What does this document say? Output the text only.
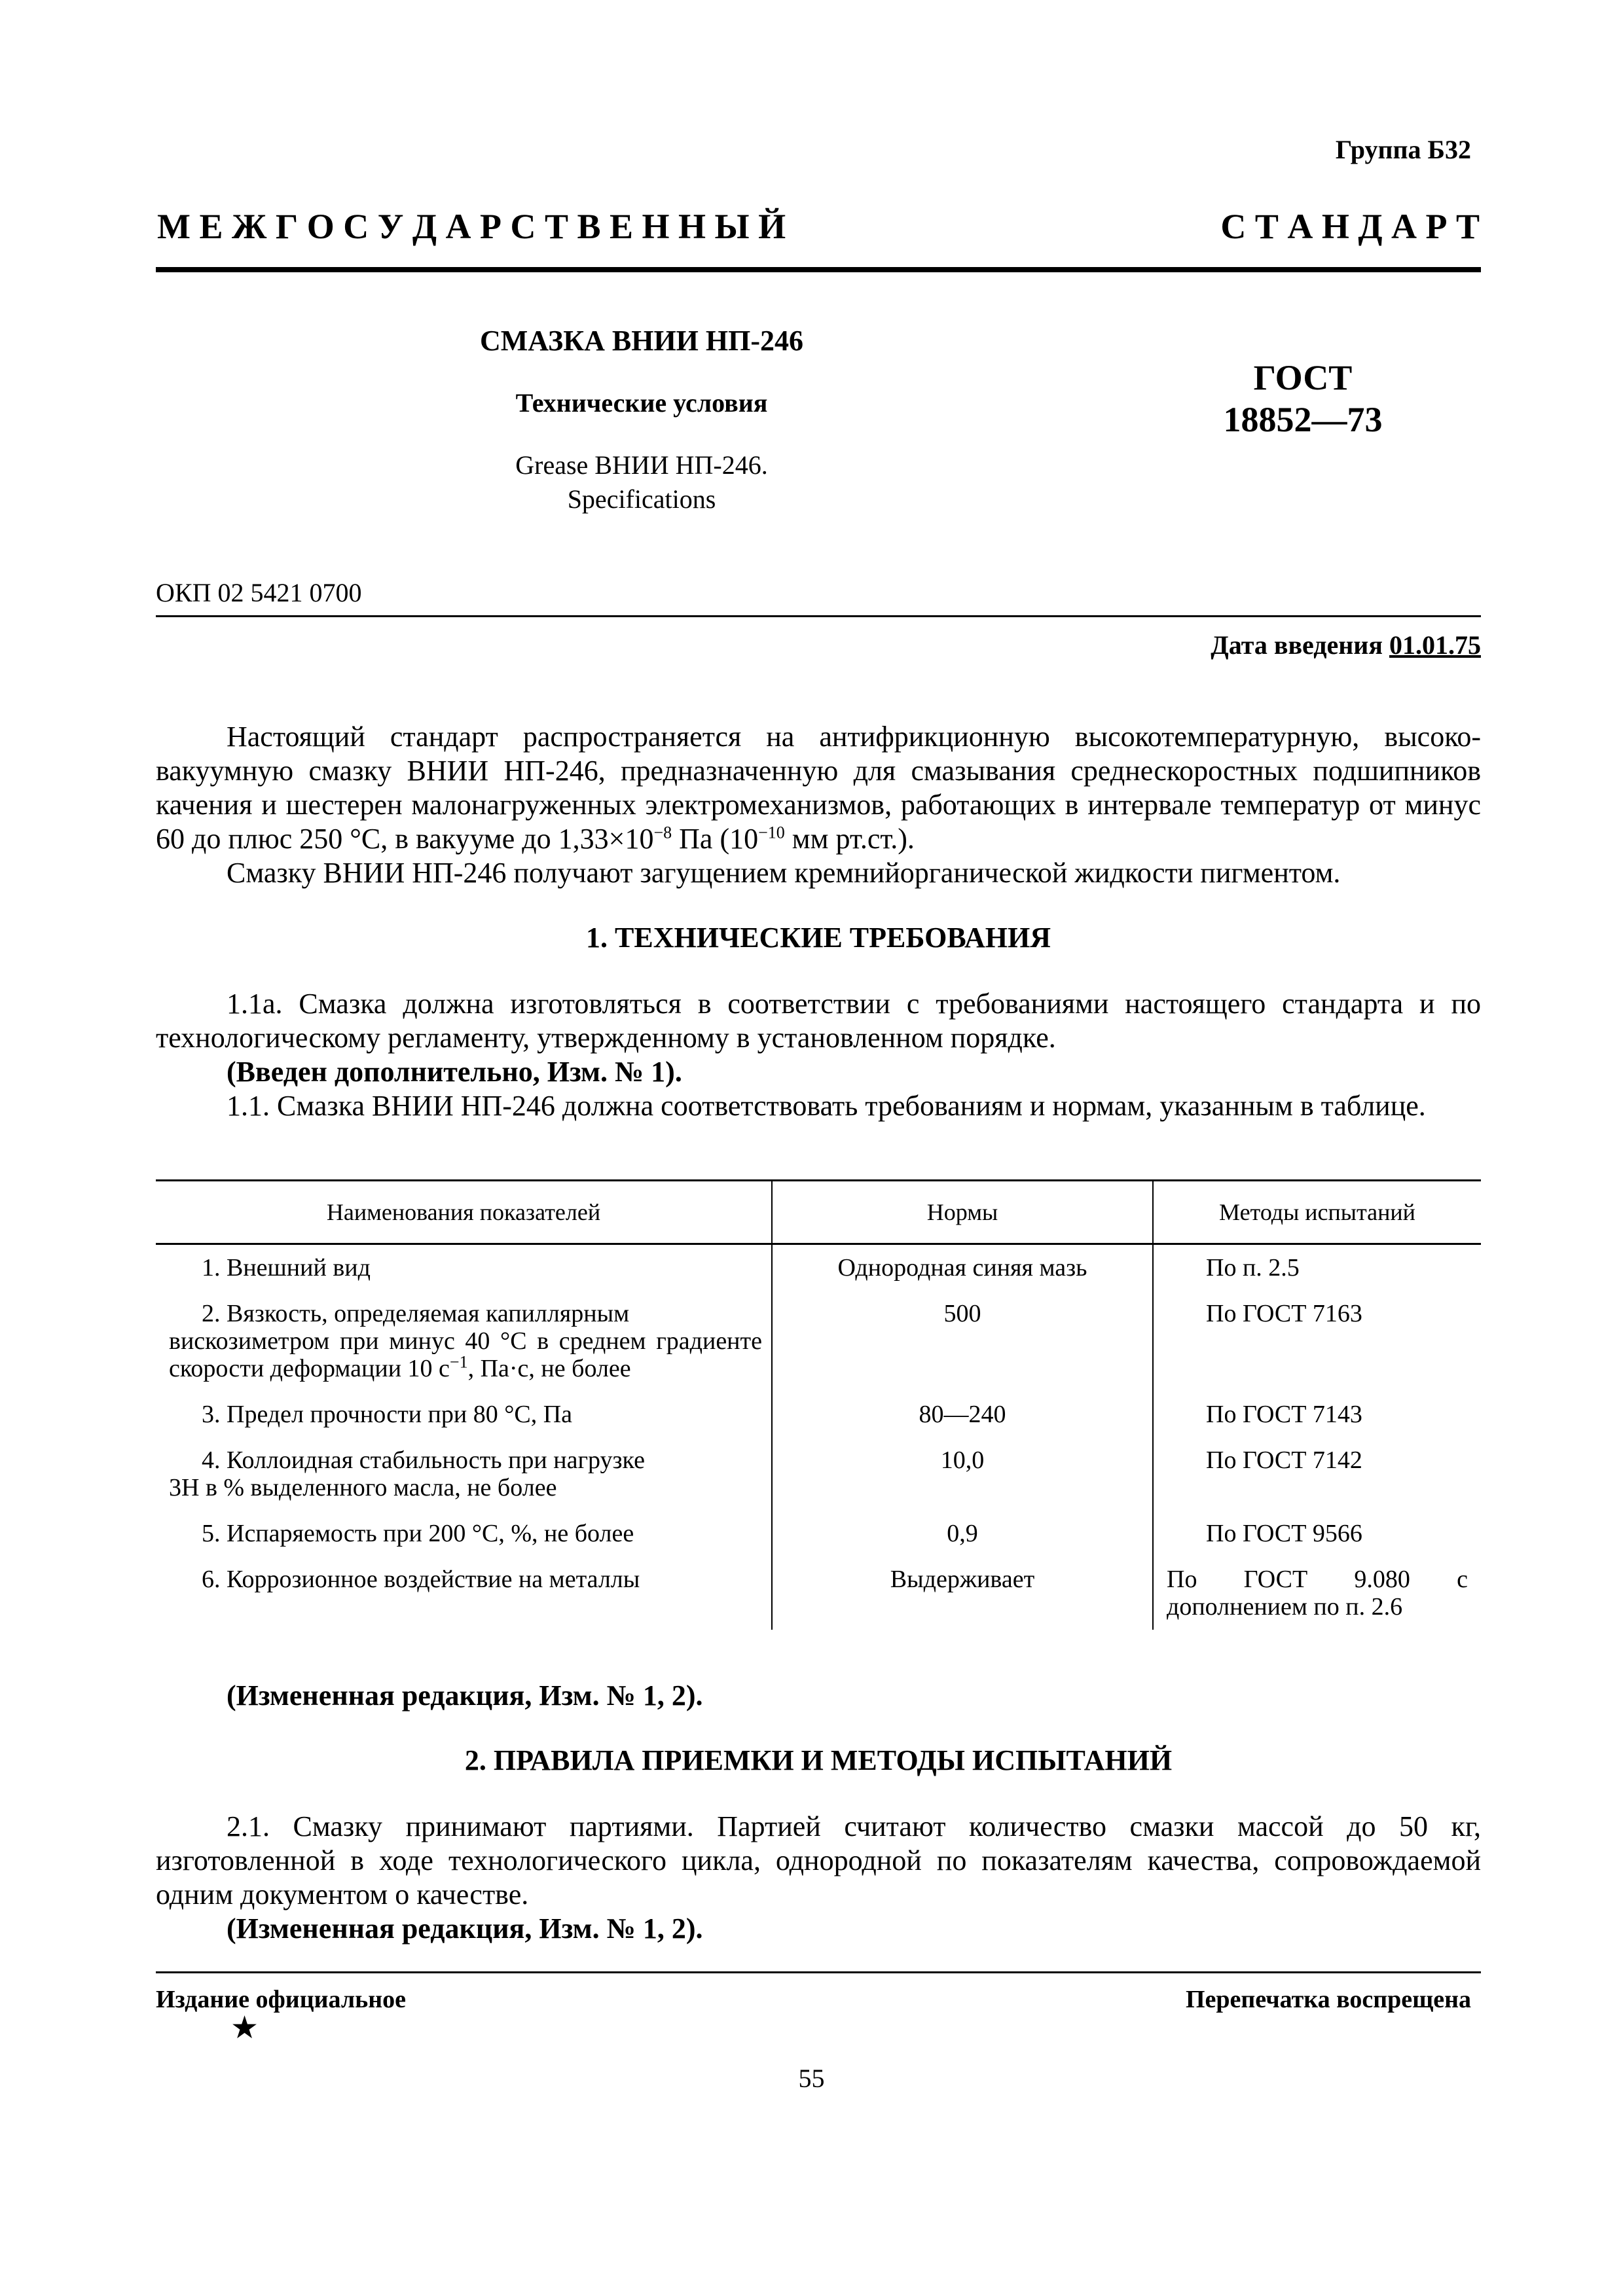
Группа Б32
М Е Ж Г О С У Д А Р С Т В Е Н Н Ы Й	С Т А Н Д А Р Т
СМАЗКА ВНИИ НП-246
Технические условия
Grease ВНИИ НП-246.
Specifications
ГОСТ
18852—73
ОКП 02 5421 0700
Дата введения 01.01.75
Настоящий стандарт распространяется на антифрикционную высокотемпературную, высоковакуумную смазку ВНИИ НП-246, предназначенную для смазывания среднескоростных подшипников качения и шестерен малонагруженных электромеханизмов, работающих в интервале температур от минус 60 до плюс 250 °С, в вакууме до $1,33\times 10^{-8}$ Па ($10^{-10}$ мм рт.ст.).
Смазку ВНИИ НП-246 получают загущением кремнийорганической жидкости пигментом.
1. ТЕХНИЧЕСКИЕ ТРЕБОВАНИЯ
1.1а. Смазка должна изготовляться в соответствии с требованиями настоящего стандарта и по технологическому регламенту, утвержденному в установленном порядке.
(Введен дополнительно, Изм. № 1).
1.1. Смазка ВНИИ НП-246 должна соответствовать требованиям и нормам, указанным в таблице.
Наименования показателей	Нормы	Методы испытаний
1. Внешний вид	Однородная синяя мазь	По п. 2.5

2. Вязкость, определяемая капиллярным
вискозиметром при минус 40 °С в среднем градиенте скорости деформации 10 $с^{-1}$, Па·с, не более	500	По ГОСТ 7163
3. Предел прочности при 80 °С, Па	80—240	По ГОСТ 7143

4. Коллоидная стабильность при нагрузке
3Н в % выделенного масла, не более	10,0	По ГОСТ 7142
5. Испаряемость при 200 °С, %, не более	0,9	По ГОСТ 9566
6. Коррозионное воздействие на металлы	Выдерживает	По ГОСТ 9.080 с дополнением по п. 2.6
(Измененная редакция, Изм. № 1, 2).
2. ПРАВИЛА ПРИЕМКИ И МЕТОДЫ ИСПЫТАНИЙ
2.1. Смазку принимают партиями. Партией считают количество смазки массой до 50 кг, изготовленной в ходе технологического цикла, однородной по показателям качества, сопровождаемой одним документом о качестве.
(Измененная редакция, Изм. № 1, 2).
Издание официальное
★
Перепечатка воспрещена
55
